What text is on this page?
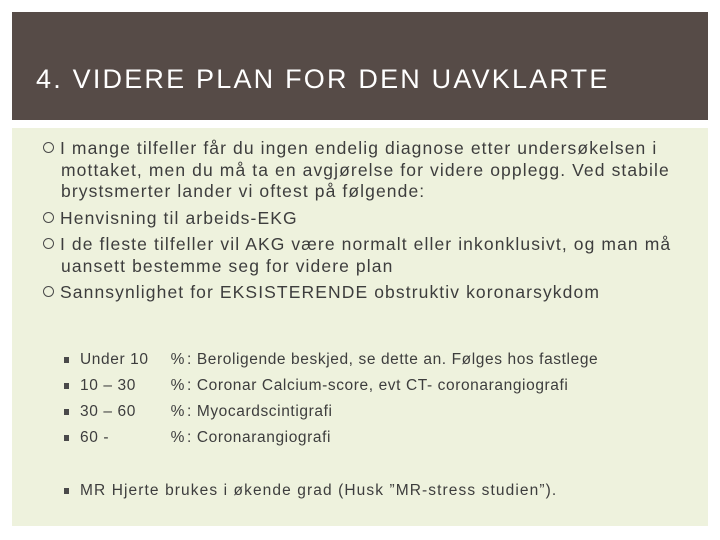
4. VIDERE PLAN FOR DEN UAVKLARTE
I mange tilfeller får du ingen endelig diagnose etter undersøkelsen i mottaket, men du må ta en avgjørelse for videre opplegg. Ved stabile brystsmerter lander vi oftest på følgende:
Henvisning til arbeids-EKG
I de fleste tilfeller vil AKG være normalt eller inkonklusivt, og man må uansett bestemme seg for videre plan
Sannsynlighet for EKSISTERENDE obstruktiv koronarsykdom
Under 10 % : Beroligende beskjed, se dette an. Følges hos fastlege
10 – 30 % : Coronar Calcium-score, evt CT- coronarangiografi
30 – 60 % : Myocardscintigrafi
60 -	% : Coronarangiografi
MR Hjerte brukes i økende grad (Husk ”MR-stress studien”).
